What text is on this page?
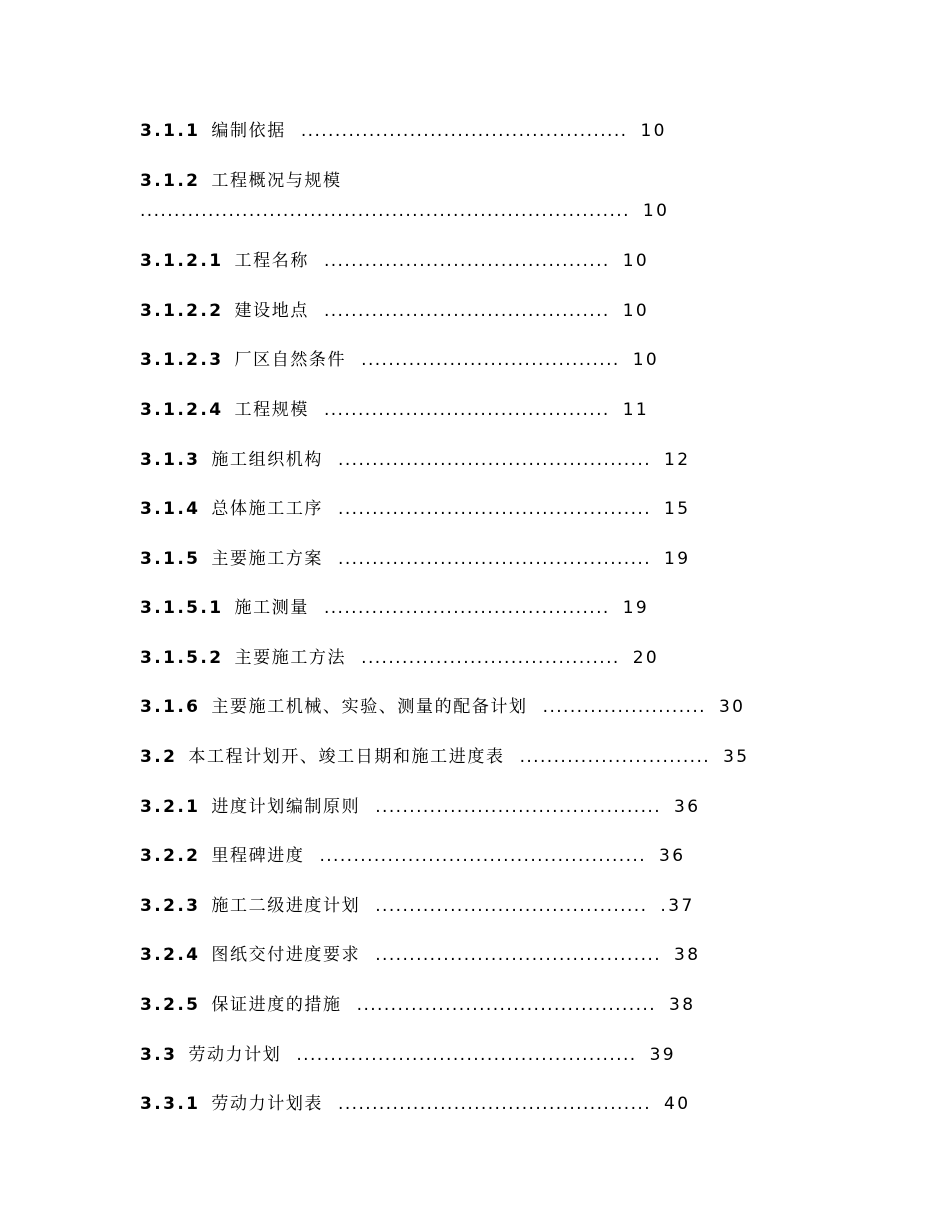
3.1.1 编制依据 ................................................ 10
3.1.2 工程概况与规模
........................................................................ 10
3.1.2.1 工程名称 .......................................... 10
3.1.2.2 建设地点 .......................................... 10
3.1.2.3 厂区自然条件 ...................................... 10
3.1.2.4 工程规模 .......................................... 11
3.1.3 施工组织机构 .............................................. 12
3.1.4 总体施工工序 .............................................. 15
3.1.5 主要施工方案 .............................................. 19
3.1.5.1 施工测量 .......................................... 19
3.1.5.2 主要施工方法 ...................................... 20
3.1.6 主要施工机械、实验、测量的配备计划 ........................ 30
3.2 本工程计划开、竣工日期和施工进度表 ............................ 35
3.2.1 进度计划编制原则 .......................................... 36
3.2.2 里程碑进度 ................................................ 36
3.2.3 施工二级进度计划 ........................................ .37
3.2.4 图纸交付进度要求 .......................................... 38
3.2.5 保证进度的措施 ............................................ 38
3.3 劳动力计划 .................................................. 39
3.3.1 劳动力计划表 .............................................. 40
